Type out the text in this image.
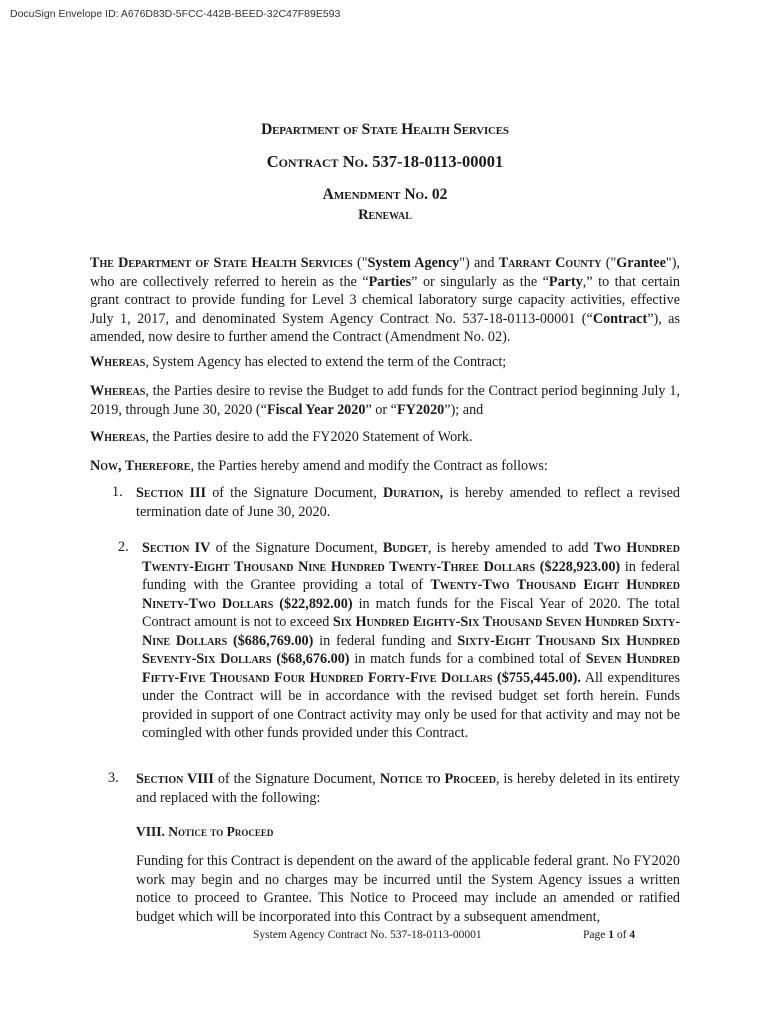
DocuSign Envelope ID: A676D83D-5FCC-442B-BEED-32C47F89E593
Department of State Health Services
Contract No. 537-18-0113-00001
Amendment No. 02
Renewal
The Department of State Health Services ("System Agency") and Tarrant County ("Grantee"), who are collectively referred to herein as the “Parties” or singularly as the “Party,” to that certain grant contract to provide funding for Level 3 chemical laboratory surge capacity activities, effective July 1, 2017, and denominated System Agency Contract No. 537-18-0113-00001 (“Contract”), as amended, now desire to further amend the Contract (Amendment No. 02).
Whereas, System Agency has elected to extend the term of the Contract;
Whereas, the Parties desire to revise the Budget to add funds for the Contract period beginning July 1, 2019, through June 30, 2020 (“Fiscal Year 2020” or “FY2020”); and
Whereas, the Parties desire to add the FY2020 Statement of Work.
Now, Therefore, the Parties hereby amend and modify the Contract as follows:
1. Section III of the Signature Document, Duration, is hereby amended to reflect a revised termination date of June 30, 2020.
2. Section IV of the Signature Document, Budget, is hereby amended to add Two Hundred Twenty-Eight Thousand Nine Hundred Twenty-Three Dollars ($228,923.00) in federal funding with the Grantee providing a total of Twenty-Two Thousand Eight Hundred Ninety-Two Dollars ($22,892.00) in match funds for the Fiscal Year of 2020. The total Contract amount is not to exceed Six Hundred Eighty-Six Thousand Seven Hundred Sixty-Nine Dollars ($686,769.00) in federal funding and Sixty-Eight Thousand Six Hundred Seventy-Six Dollars ($68,676.00) in match funds for a combined total of Seven Hundred Fifty-Five Thousand Four Hundred Forty-Five Dollars ($755,445.00). All expenditures under the Contract will be in accordance with the revised budget set forth herein. Funds provided in support of one Contract activity may only be used for that activity and may not be comingled with other funds provided under this Contract.
3. Section VIII of the Signature Document, Notice to Proceed, is hereby deleted in its entirety and replaced with the following:
VIII. Notice to Proceed
Funding for this Contract is dependent on the award of the applicable federal grant. No FY2020 work may begin and no charges may be incurred until the System Agency issues a written notice to proceed to Grantee. This Notice to Proceed may include an amended or ratified budget which will be incorporated into this Contract by a subsequent amendment,
System Agency Contract No. 537-18-0113-00001	Page 1 of 4
